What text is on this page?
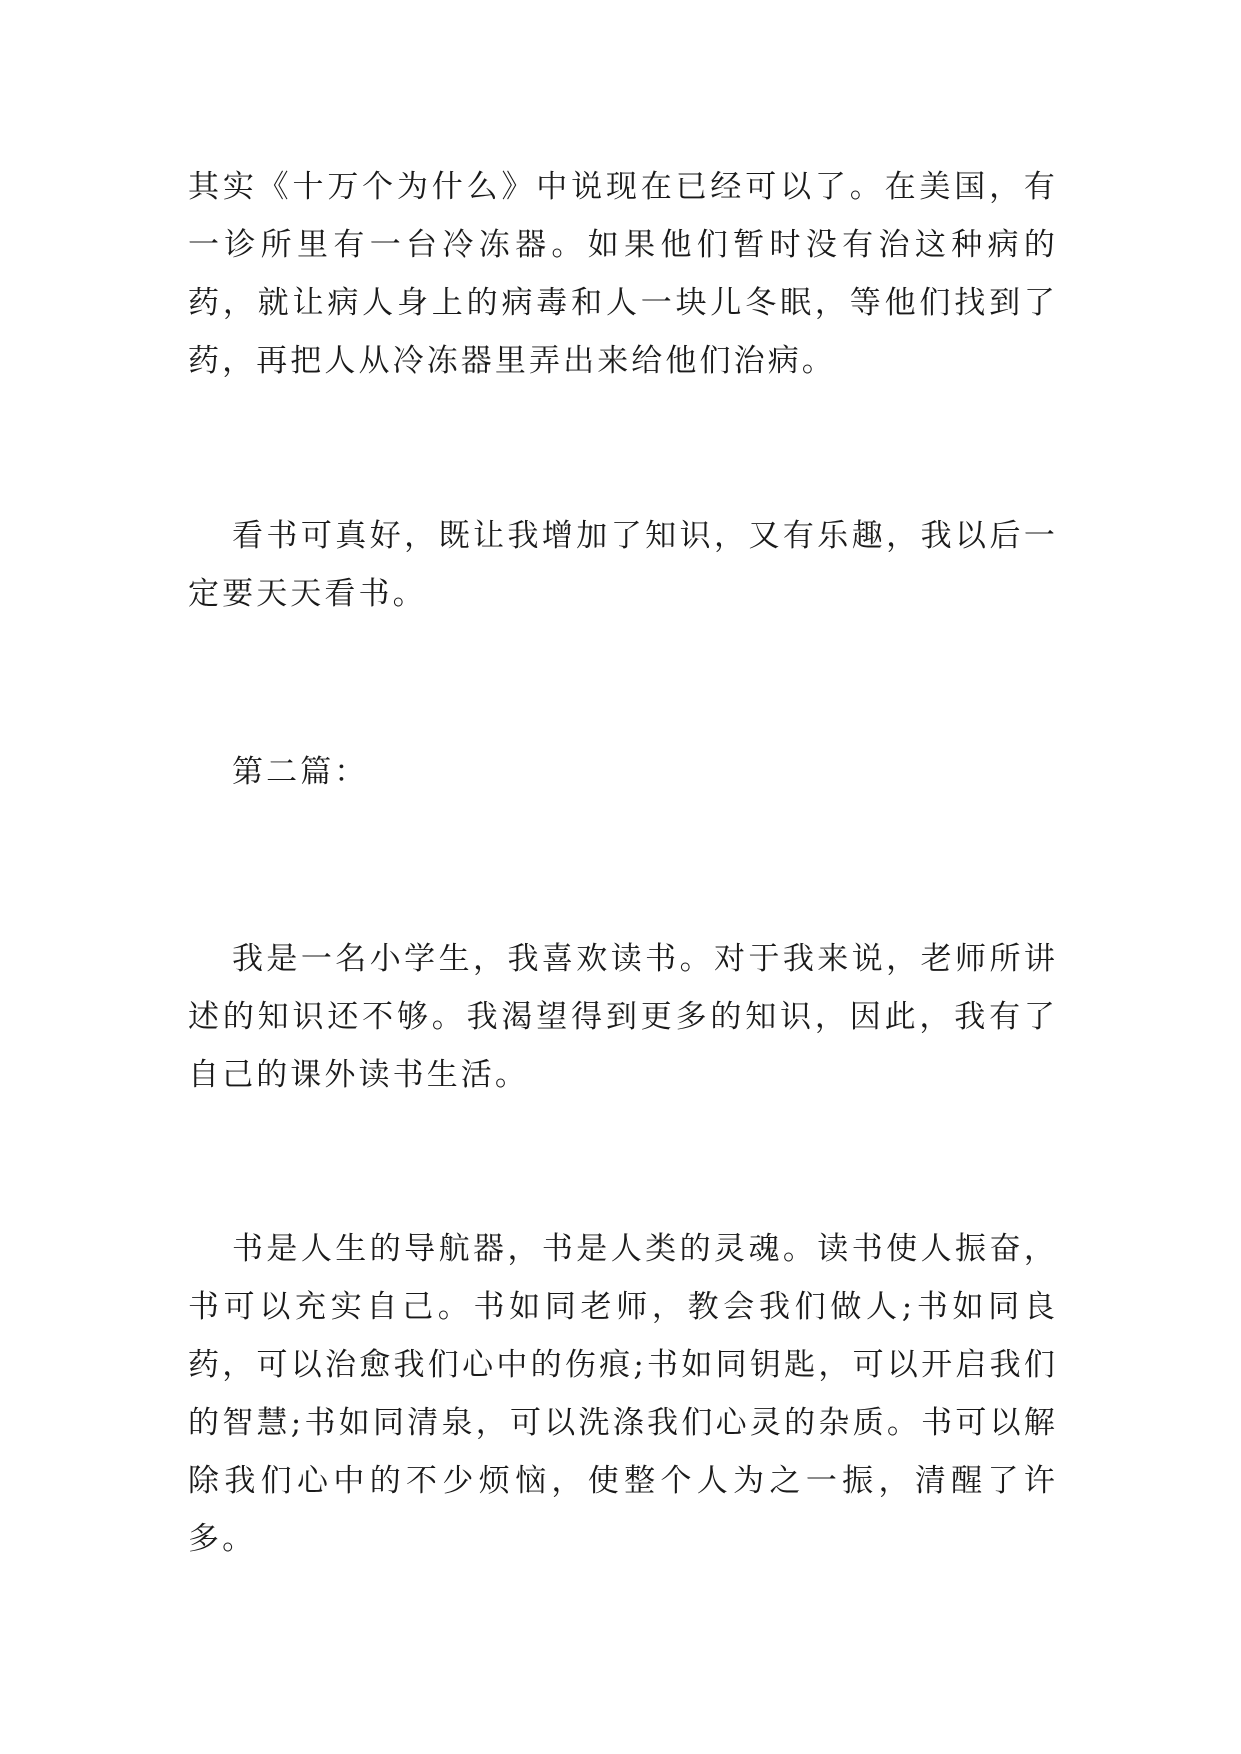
其实《十万个为什么》中说现在已经可以了。在美国，有一诊所里有一台冷冻器。如果他们暂时没有治这种病的药，就让病人身上的病毒和人一块儿冬眠，等他们找到了药，再把人从冷冻器里弄出来给他们治病。

看书可真好，既让我增加了知识，又有乐趣，我以后一定要天天看书。

第二篇：

我是一名小学生，我喜欢读书。对于我来说，老师所讲述的知识还不够。我渴望得到更多的知识，因此，我有了自己的课外读书生活。

书是人生的导航器，书是人类的灵魂。读书使人振奋，书可以充实自己。书如同老师，教会我们做人;书如同良药，可以治愈我们心中的伤痕;书如同钥匙，可以开启我们的智慧;书如同清泉，可以洗涤我们心灵的杂质。书可以解除我们心中的不少烦恼，使整个人为之一振，清醒了许多。
